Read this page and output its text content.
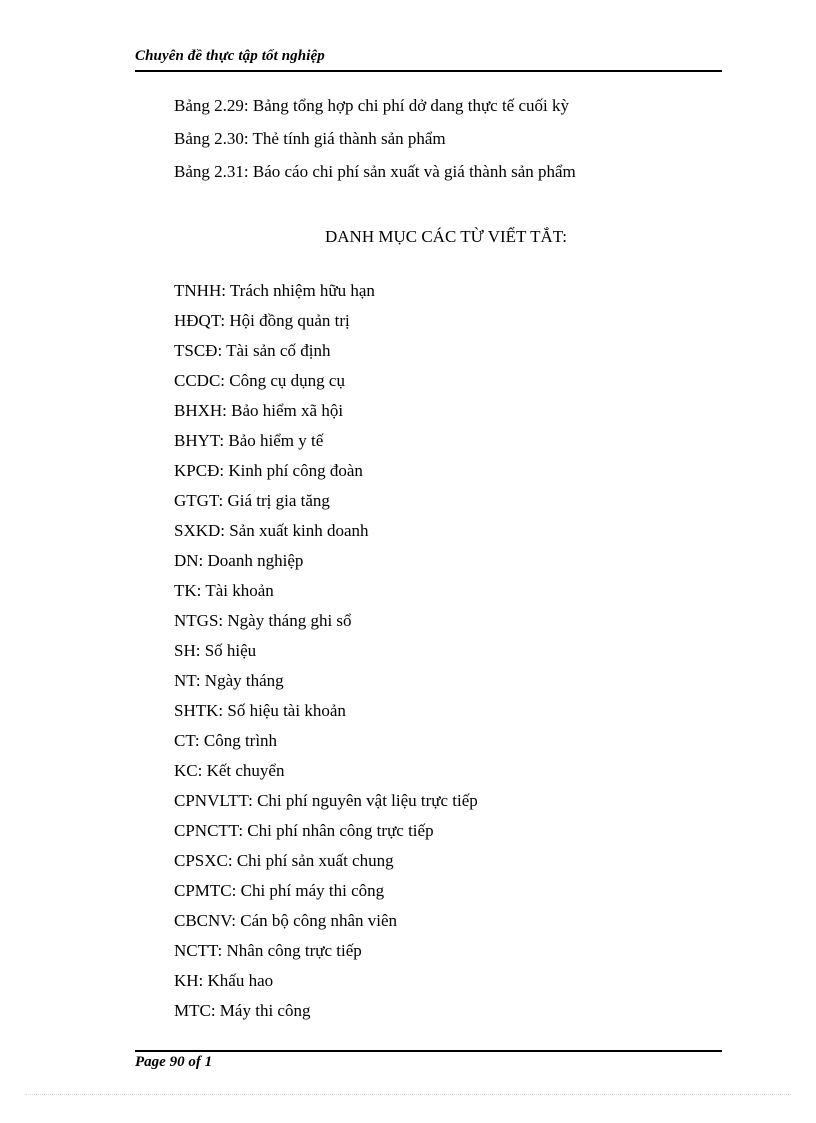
Chuyên đề thực tập tốt nghiệp
Bảng 2.29: Bảng tổng hợp chi phí dở dang thực tế cuối kỳ
Bảng 2.30: Thẻ tính giá thành sản phẩm
Bảng 2.31: Báo cáo chi phí sản xuất và giá thành sản phẩm
DANH MỤC CÁC TỪ VIẾT TẮT:
TNHH: Trách nhiệm hữu hạn
HĐQT: Hội đồng quản trị
TSCĐ: Tài sản cố định
CCDC: Công cụ dụng cụ
BHXH: Bảo hiểm xã hội
BHYT: Bảo hiểm y tế
KPCĐ: Kinh phí công đoàn
GTGT: Giá trị gia tăng
SXKD: Sản xuất kinh doanh
DN: Doanh nghiệp
TK: Tài khoản
NTGS: Ngày tháng ghi sổ
SH: Số hiệu
NT: Ngày tháng
SHTK: Số hiệu tài khoản
CT: Công trình
KC: Kết chuyển
CPNVLTT: Chi phí nguyên vật liệu trực tiếp
CPNCTT: Chi phí nhân công trực tiếp
CPSXC: Chi phí sản xuất chung
CPMTC: Chi phí máy thi công
CBCNV: Cán bộ công nhân viên
NCTT: Nhân công trực tiếp
KH: Khấu hao
MTC: Máy thi công
Page 90 of 1
